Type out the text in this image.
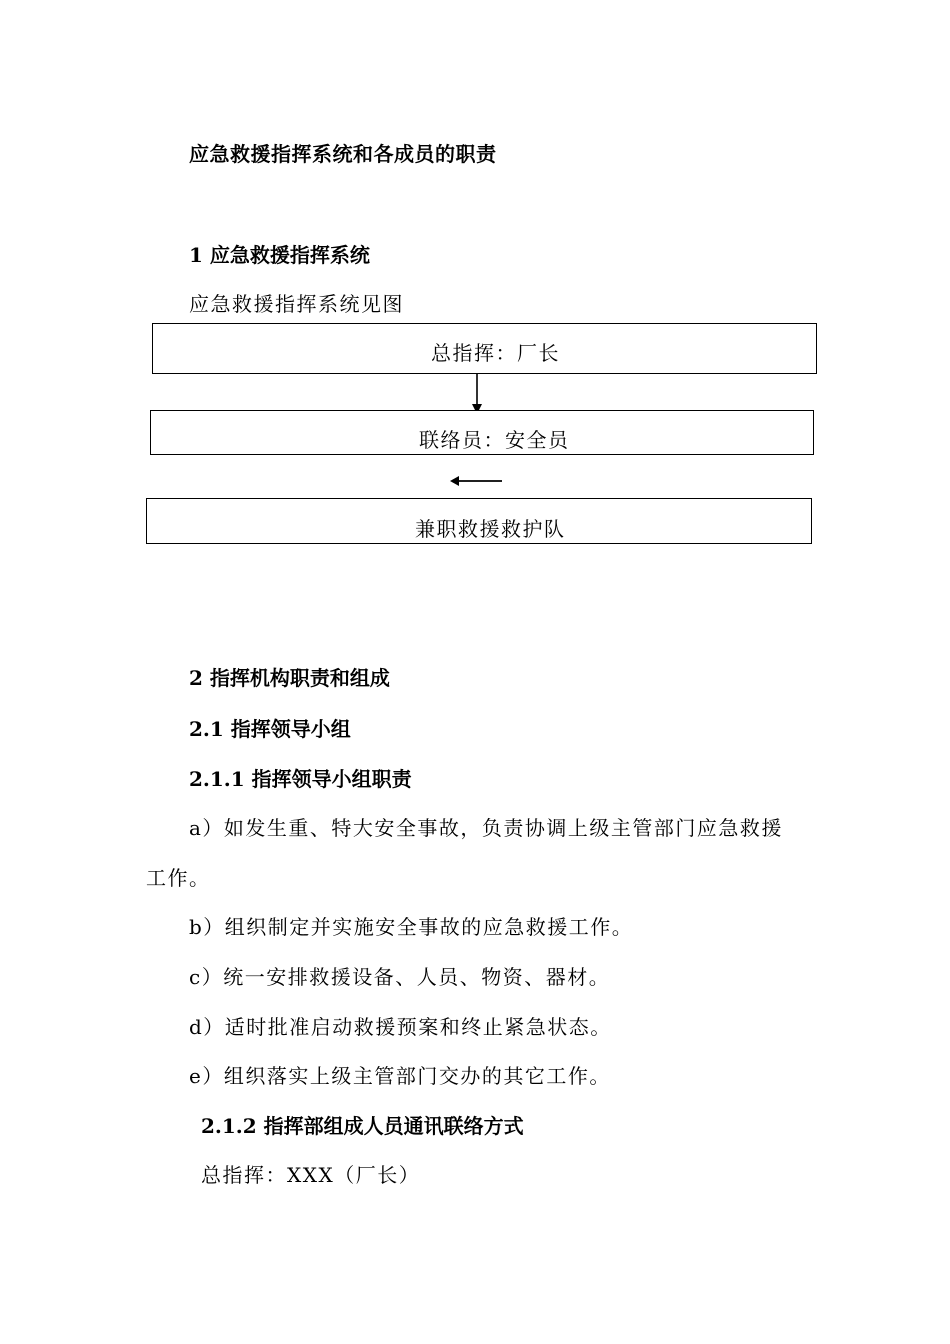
应急救援指挥系统和各成员的职责
1 应急救援指挥系统
应急救援指挥系统见图
总指挥：厂长
联络员：安全员
兼职救援救护队
2 指挥机构职责和组成
2.1 指挥领导小组
2.1.1 指挥领导小组职责
a）如发生重、特大安全事故，负责协调上级主管部门应急救援
工作。
b）组织制定并实施安全事故的应急救援工作。
c）统一安排救援设备、人员、物资、器材。
d）适时批准启动救援预案和终止紧急状态。
e）组织落实上级主管部门交办的其它工作。
2.1.2 指挥部组成人员通讯联络方式
总指挥：XXX（厂长）
